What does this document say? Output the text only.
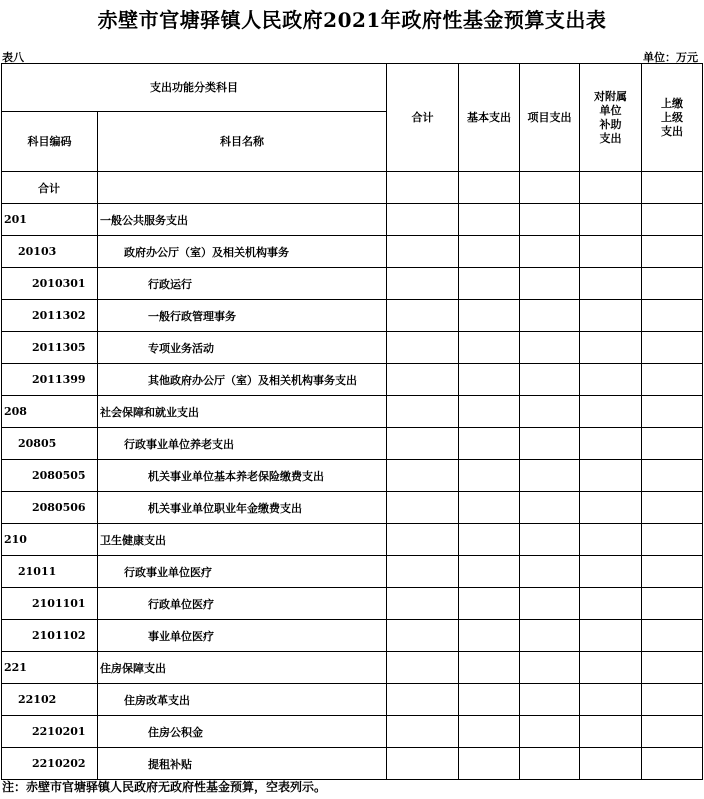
赤壁市官塘驿镇人民政府2021年政府性基金预算支出表
表八	单位：万元
支出功能分类科目		合计	基本支出	项目支出	对附属
单位
补助
支出	上缴
上级
支出

科目编码	科目名称					
合计						
201	一般公共服务支出					
20103	政府办公厅（室）及相关机构事务					
2010301	行政运行					
2011302	一般行政管理事务					
2011305	专项业务活动					
2011399	其他政府办公厅（室）及相关机构事务支出					
208	社会保障和就业支出					
20805	行政事业单位养老支出					
2080505	机关事业单位基本养老保险缴费支出					
2080506	机关事业单位职业年金缴费支出					
210	卫生健康支出					
21011	行政事业单位医疗					
2101101	行政单位医疗					
2101102	事业单位医疗					
221	住房保障支出					
22102	住房改革支出					
2210201	住房公积金					
2210202	提租补贴					
注：赤壁市官塘驿镇人民政府无政府性基金预算，空表列示。
